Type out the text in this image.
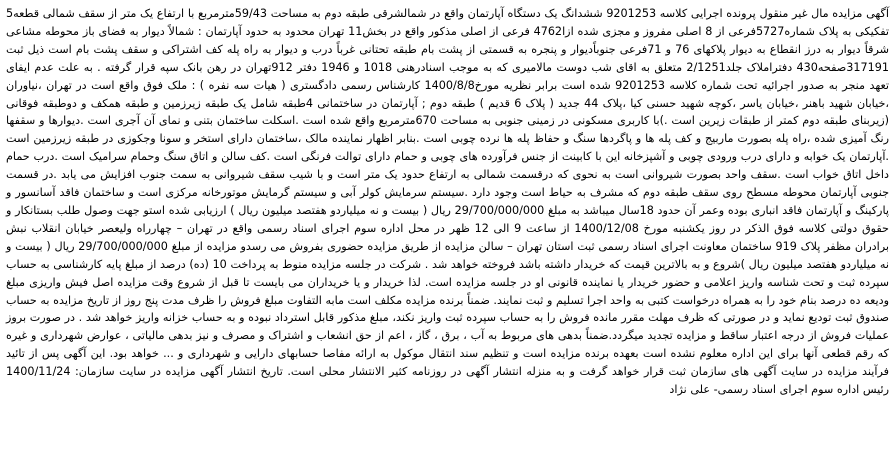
آگهی مزایده مال غیر منقول پرونده اجرایی کلاسه 9201253 ششدانگ یک دستگاه آپارتمان واقع در شمالشرقی طبقه دوم به مساحت 59/43مترمربع با ارتفاع یک متر از سقف شمالی قطعه5 تفکیکی به پلاک شماره5727فرعی از 8 اصلی مفروز و مجزی شده ازا4762 فرعی از اصلی مذکور واقع در بخش11 تهران محدود به حدود آپارتمان : شمالاً دیوار به فضای باز محوطه مشاعی شرقاً دیوار به درز انقطاع به دیوار پلاکهای 76 و 71فرعی جنوباًدیوار و پنجره به قسمتی از پشت بام طبقه تحتانی غرباً درب و دیوار به راه پله کف اشتراکی و سقف پشت بام است ذیل ثبت 317191صفحه430 دفتراملاک جلد2/1251 متعلق به اقای شب دوست مالامیری که به موجب اسنادرهنی 1018 و 1946 دفتر 912تهران در رهن بانک سپه قرار گرفته . به علت عدم ایفای تعهد منجر به صدور اجرائیه تحت شماره کلاسه 9201253 شده است برابر نظریه مورخ1400/8/8 کارشناس رسمی دادگستری ( هیات سه نفره ) : ملک فوق واقع است در تهران ،نیاوران ،خیابان شهید باهنر ،خیابان یاسر ،کوچه شهید حسنی کیا ،پلاک 44 جدید ( پلاک 6 قدیم ) طبقه دوم ; آپارتمان در ساختمانی 4طبقه شامل یک طبقه زیرزمین و طبقه همکف و دوطبقه فوقانی (زیربنای طبقه دوم کمتر از طبقات زیرین است .)با کاربری مسکونی در زمینی جنوبی به مساحت 670مترمربع واقع شده است .اسکلت ساختمان بتنی و نمای آن آجری است .دیوارها و سقفها رنگ آمیزی شده ،راه پله بصورت ماربیج و کف پله ها و پاگردها سنگ و حفاظ پله ها نرده چوبی است .بنابر اظهار نماینده مالک ،ساختمان دارای استخر و سونا وجکوزی در طبقه زیرزمین است .آپارتمان یک خوابه و دارای درب ورودی چوبی و آشپزخانه این با کابینت از جنس فرآورده های چوبی و حمام دارای توالت فرنگی است .کف سالن و اتاق سنگ وحمام سرامیک است .درب حمام داخل اتاق خواب است .سقف واحد بصورت شیروانی است به نحوی که درقسمت شمالی به ارتفاع حدود یک متر است و با شیب سقف شیروانی به سمت جنوب افزایش می یابد .در قسمت جنوبی آپارتمان محوطه مسطح روی سقف طبقه دوم که مشرف به حیاط است وجود دارد .سیستم سرمایش کولر آبی و سیستم گرمایش موتورخانه مرکزی است و ساختمان فاقد آسانسور و پارکینگ و آپارتمان فاقد انباری بوده وعمر آن حدود 18سال میباشد به مبلغ 29/700/000/000 ریال ( بیست و نه میلیاردو هفتصد میلیون ریال ) ارزیابی شده استو جهت وصول طلب بستانکار و حقوق دولتی کلاسه فوق الذکر در روز یکشنبه مورخ 1400/12/08 از ساعت 9 الی 12 ظهر در محل اداره سوم اجرای اسناد رسمی واقع در تهران – چهارراه ولیعصر خیابان انقلاب نبش برادران مظفر پلاک 919 ساختمان معاونت اجرای اسناد رسمی ثبت استان تهران – سالن مزایده از طریق مزایده حضوری بفروش می رسدو مزایده از مبلغ 29/700/000/000 ریال ( بیست و نه میلیاردو هفتصد میلیون ریال )شروع و به بالاترین قیمت که خریدار داشته باشد فروخته خواهد شد . شرکت در جلسه مزایده منوط به پرداخت 10 (ده) درصد از مبلغ پایه کارشناسی به حساب سپرده ثبت و تحت شناسه واریز اعلامی و حضور خریدار یا نماینده قانونی او در جلسه مزایده است. لذا خریدار و یا خریداران می بایست تا قبل از شروع وقت مزایده اصل فیش واریزی مبلغ ودیعه ده درصد بنام خود را به همراه درخواست کتبی به واحد اجرا تسلیم و ثبت نمایند. ضمناً برنده مزایده مکلف است مابه التفاوت مبلغ فروش را ظرف مدت پنج روز از تاریخ مزایده به حساب صندوق ثبت تودیع نماید و در صورتی که ظرف مهلت مقرر مانده فروش را به حساب سپرده ثبت واریز نکند، مبلغ مذکور قابل استرداد نبوده و به حساب خزانه واریز خواهد شد . در صورت بروز عملیات فروش از درجه اعتبار ساقط و مزایده تجدید میگردد.ضمناً بدهی های مربوط به آب ، برق ، گاز ، اعم از حق انشعاب و اشتراک و مصرف و نیز بدهی مالیاتی ، عوارض شهرداری و غیره که رقم قطعی آنها برای این اداره معلوم نشده است بعهده برنده مزایده است و تنظیم سند انتقال موکول به ارائه مفاصا حسابهای دارایی و شهرداری و ... خواهد بود. این آگهی پس از تائید فرآیند مزایده در سایت آگهی های سازمان ثبت قرار خواهد گرفت و به منزله انتشار آگهی در روزنامه کثیر الانتشار محلی است. تاریخ انتشار آگهی مزایده در سایت سازمان: 1400/11/24 رئیس اداره سوم اجرای اسناد رسمی- علی نژاد
